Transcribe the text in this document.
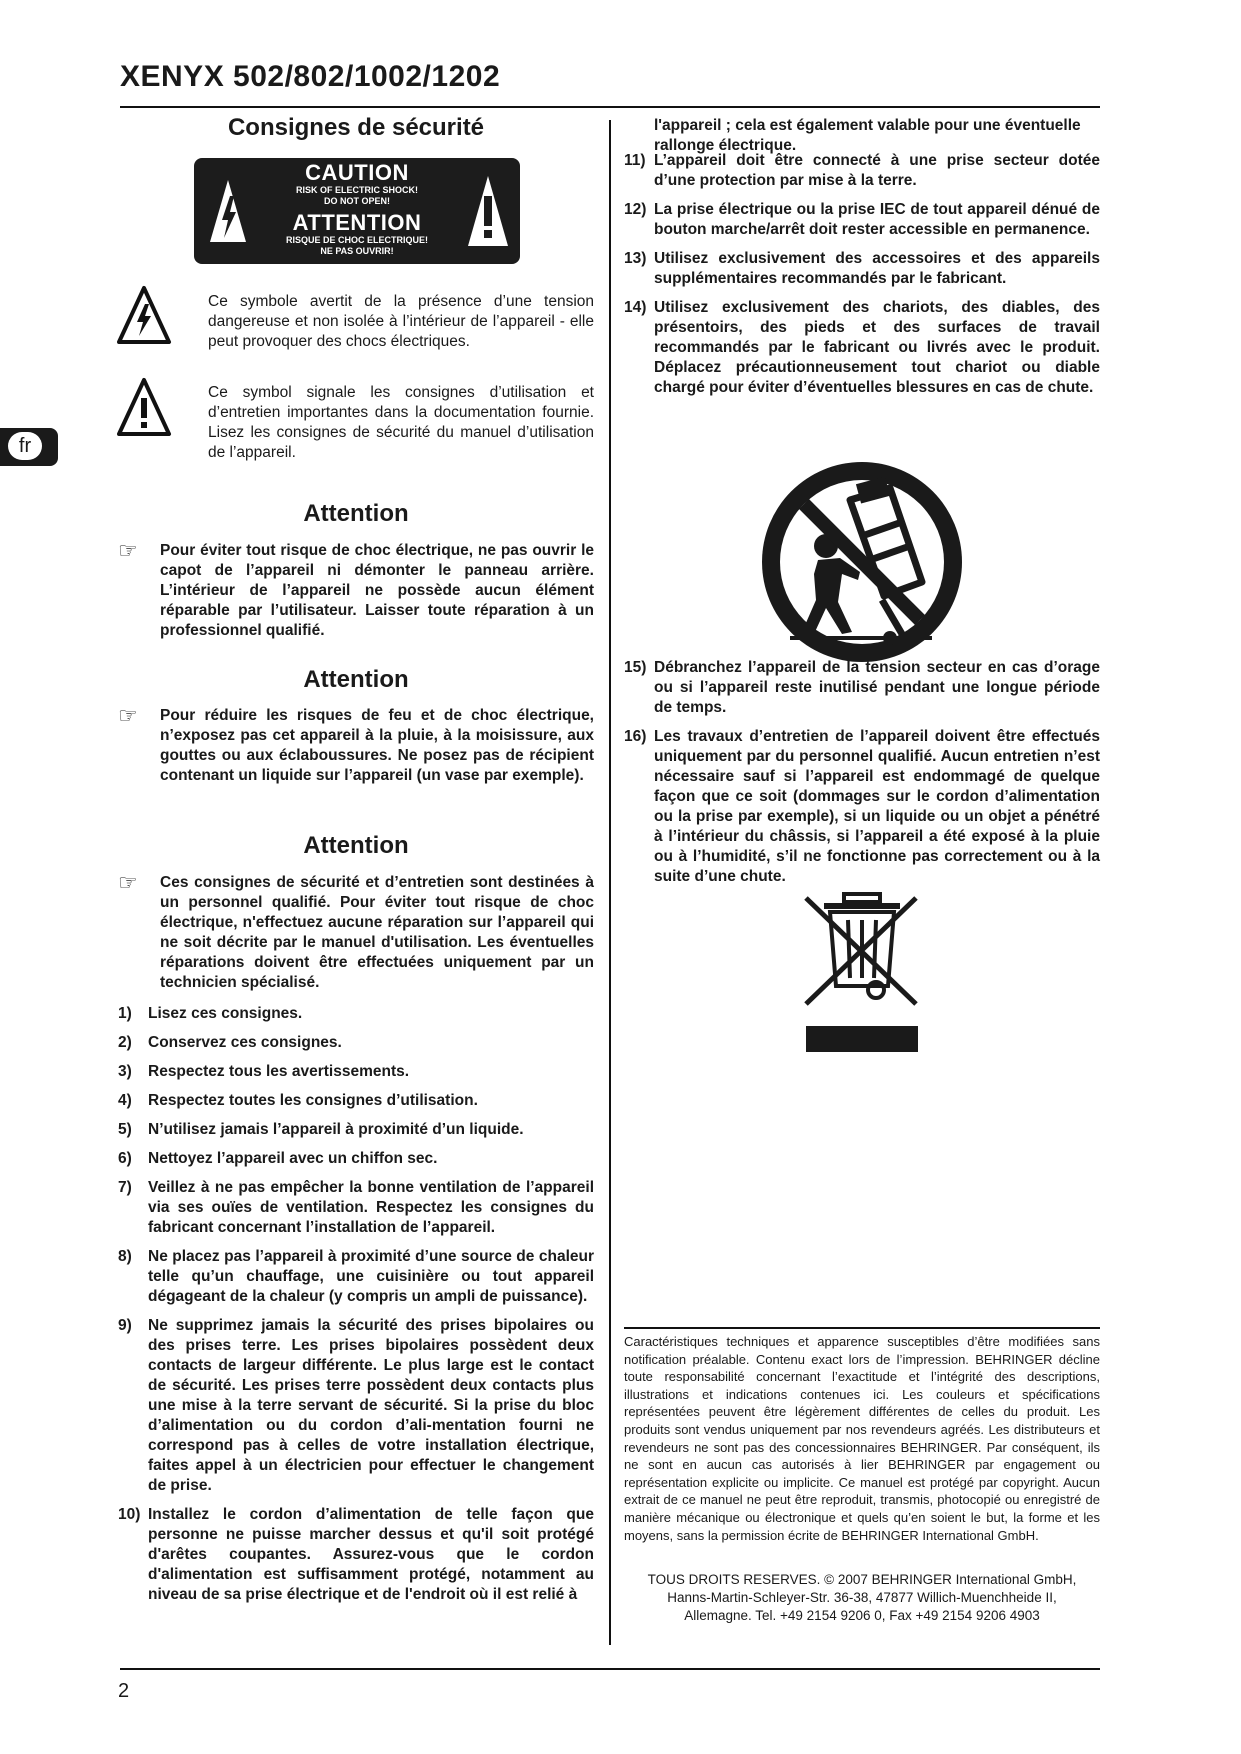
XENYX 502/802/1002/1202
fr
Consignes de sécurité
CAUTION
RISK OF ELECTRIC SHOCK!
DO NOT OPEN!
ATTENTION
RISQUE DE CHOC ELECTRIQUE!
NE PAS OUVRIR!
Ce symbole avertit de la présence d’une tension dangereuse et non isolée à l’intérieur de l’appareil - elle peut provoquer des chocs électriques.
Ce symbol signale les consignes d’utilisation et d’entretien importantes dans la documentation fournie. Lisez les consignes de sécurité du manuel d’utilisation de l’appareil.
Attention
☞ Pour éviter tout risque de choc électrique, ne pas ouvrir le capot de l’appareil ni démonter le panneau arrière. L’intérieur de l’appareil ne possède aucun élément réparable par l’utilisateur. Laisser toute réparation à un professionnel qualifié.
Attention
☞ Pour réduire les risques de feu et de choc électrique, n’exposez pas cet appareil à la pluie, à la moisissure, aux gouttes ou aux éclaboussures. Ne posez pas de récipient contenant un liquide sur l’appareil (un vase par exemple).
Attention
☞ Ces consignes de sécurité et d’entretien sont destinées à un personnel qualifié. Pour éviter tout risque de choc électrique, n'effectuez aucune réparation sur l’appareil qui ne soit décrite par le manuel d'utilisation. Les éventuelles réparations doivent être effectuées uniquement par un technicien spécialisé.
1) Lisez ces consignes.
2) Conservez ces consignes.
3) Respectez tous les avertissements.
4) Respectez toutes les consignes d’utilisation.
5) N’utilisez jamais l’appareil à proximité d’un liquide.
6) Nettoyez l’appareil avec un chiffon sec.
7) Veillez à ne pas empêcher la bonne ventilation de l’appareil via ses ouïes de ventilation. Respectez les consignes du fabricant concernant l’installation de l’appareil.
8) Ne placez pas l’appareil à proximité d’une source de chaleur telle qu’un chauffage, une cuisinière ou tout appareil dégageant de la chaleur (y compris un ampli de puissance).
9) Ne supprimez jamais la sécurité des prises bipolaires ou des prises terre. Les prises bipolaires possèdent deux contacts de largeur différente. Le plus large est le contact de sécurité. Les prises terre possèdent deux contacts plus une mise à la terre servant de sécurité. Si la prise du bloc d’alimentation ou du cordon d’ali-mentation fourni ne correspond pas à celles de votre installation électrique, faites appel à un électricien pour effectuer le changement de prise.
10) Installez le cordon d’alimentation de telle façon que personne ne puisse marcher dessus et qu'il soit protégé d'arêtes coupantes. Assurez-vous que le cordon d'alimentation est suffisamment protégé, notamment au niveau de sa prise électrique et de l'endroit où il est relié à
l'appareil ; cela est également valable pour une éventuelle rallonge électrique.
11) L’appareil doit être connecté à une prise secteur dotée d’une protection par mise à la terre.
12) La prise électrique ou la prise IEC de tout appareil dénué de bouton marche/arrêt doit rester accessible en permanence.
13) Utilisez exclusivement des accessoires et des appareils supplémentaires recommandés par le fabricant.
14) Utilisez exclusivement des chariots, des diables, des présentoirs, des pieds et des surfaces de travail recommandés par le fabricant ou livrés avec le produit. Déplacez précautionneusement tout chariot ou diable chargé pour éviter d’éventuelles blessures en cas de chute.
15) Débranchez l’appareil de la tension secteur en cas d’orage ou si l’appareil reste inutilisé pendant une longue période de temps.
16) Les travaux d’entretien de l’appareil doivent être effectués uniquement par du personnel qualifié. Aucun entretien n’est nécessaire sauf si l’appareil est endommagé de quelque façon que ce soit (dommages sur le cordon d’alimentation ou la prise par exemple), si un liquide ou un objet a pénétré à l’intérieur du châssis, si l’appareil a été exposé à la pluie ou à l’humidité, s’il ne fonctionne pas correctement ou à la suite d’une chute.
Caractéristiques techniques et apparence susceptibles d’être modifiées sans notification préalable. Contenu exact lors de l’impression. BEHRINGER décline toute responsabilité concernant l’exactitude et l’intégrité des descriptions, illustrations et indications contenues ici. Les couleurs et spécifications représentées peuvent être légèrement différentes de celles du produit. Les produits sont vendus uniquement par nos revendeurs agréés. Les distributeurs et revendeurs ne sont pas des concessionnaires BEHRINGER. Par conséquent, ils ne sont en aucun cas autorisés à lier BEHRINGER par engagement ou représentation explicite ou implicite. Ce manuel est protégé par copyright. Aucun extrait de ce manuel ne peut être reproduit, transmis, photocopié ou enregistré de manière mécanique ou électronique et quels qu’en soient le but, la forme et les moyens, sans la permission écrite de BEHRINGER International GmbH.
TOUS DROITS RESERVES. © 2007 BEHRINGER International GmbH,
Hanns-Martin-Schleyer-Str. 36-38, 47877 Willich-Muenchheide II,
Allemagne. Tel. +49 2154 9206 0, Fax +49 2154 9206 4903
2
